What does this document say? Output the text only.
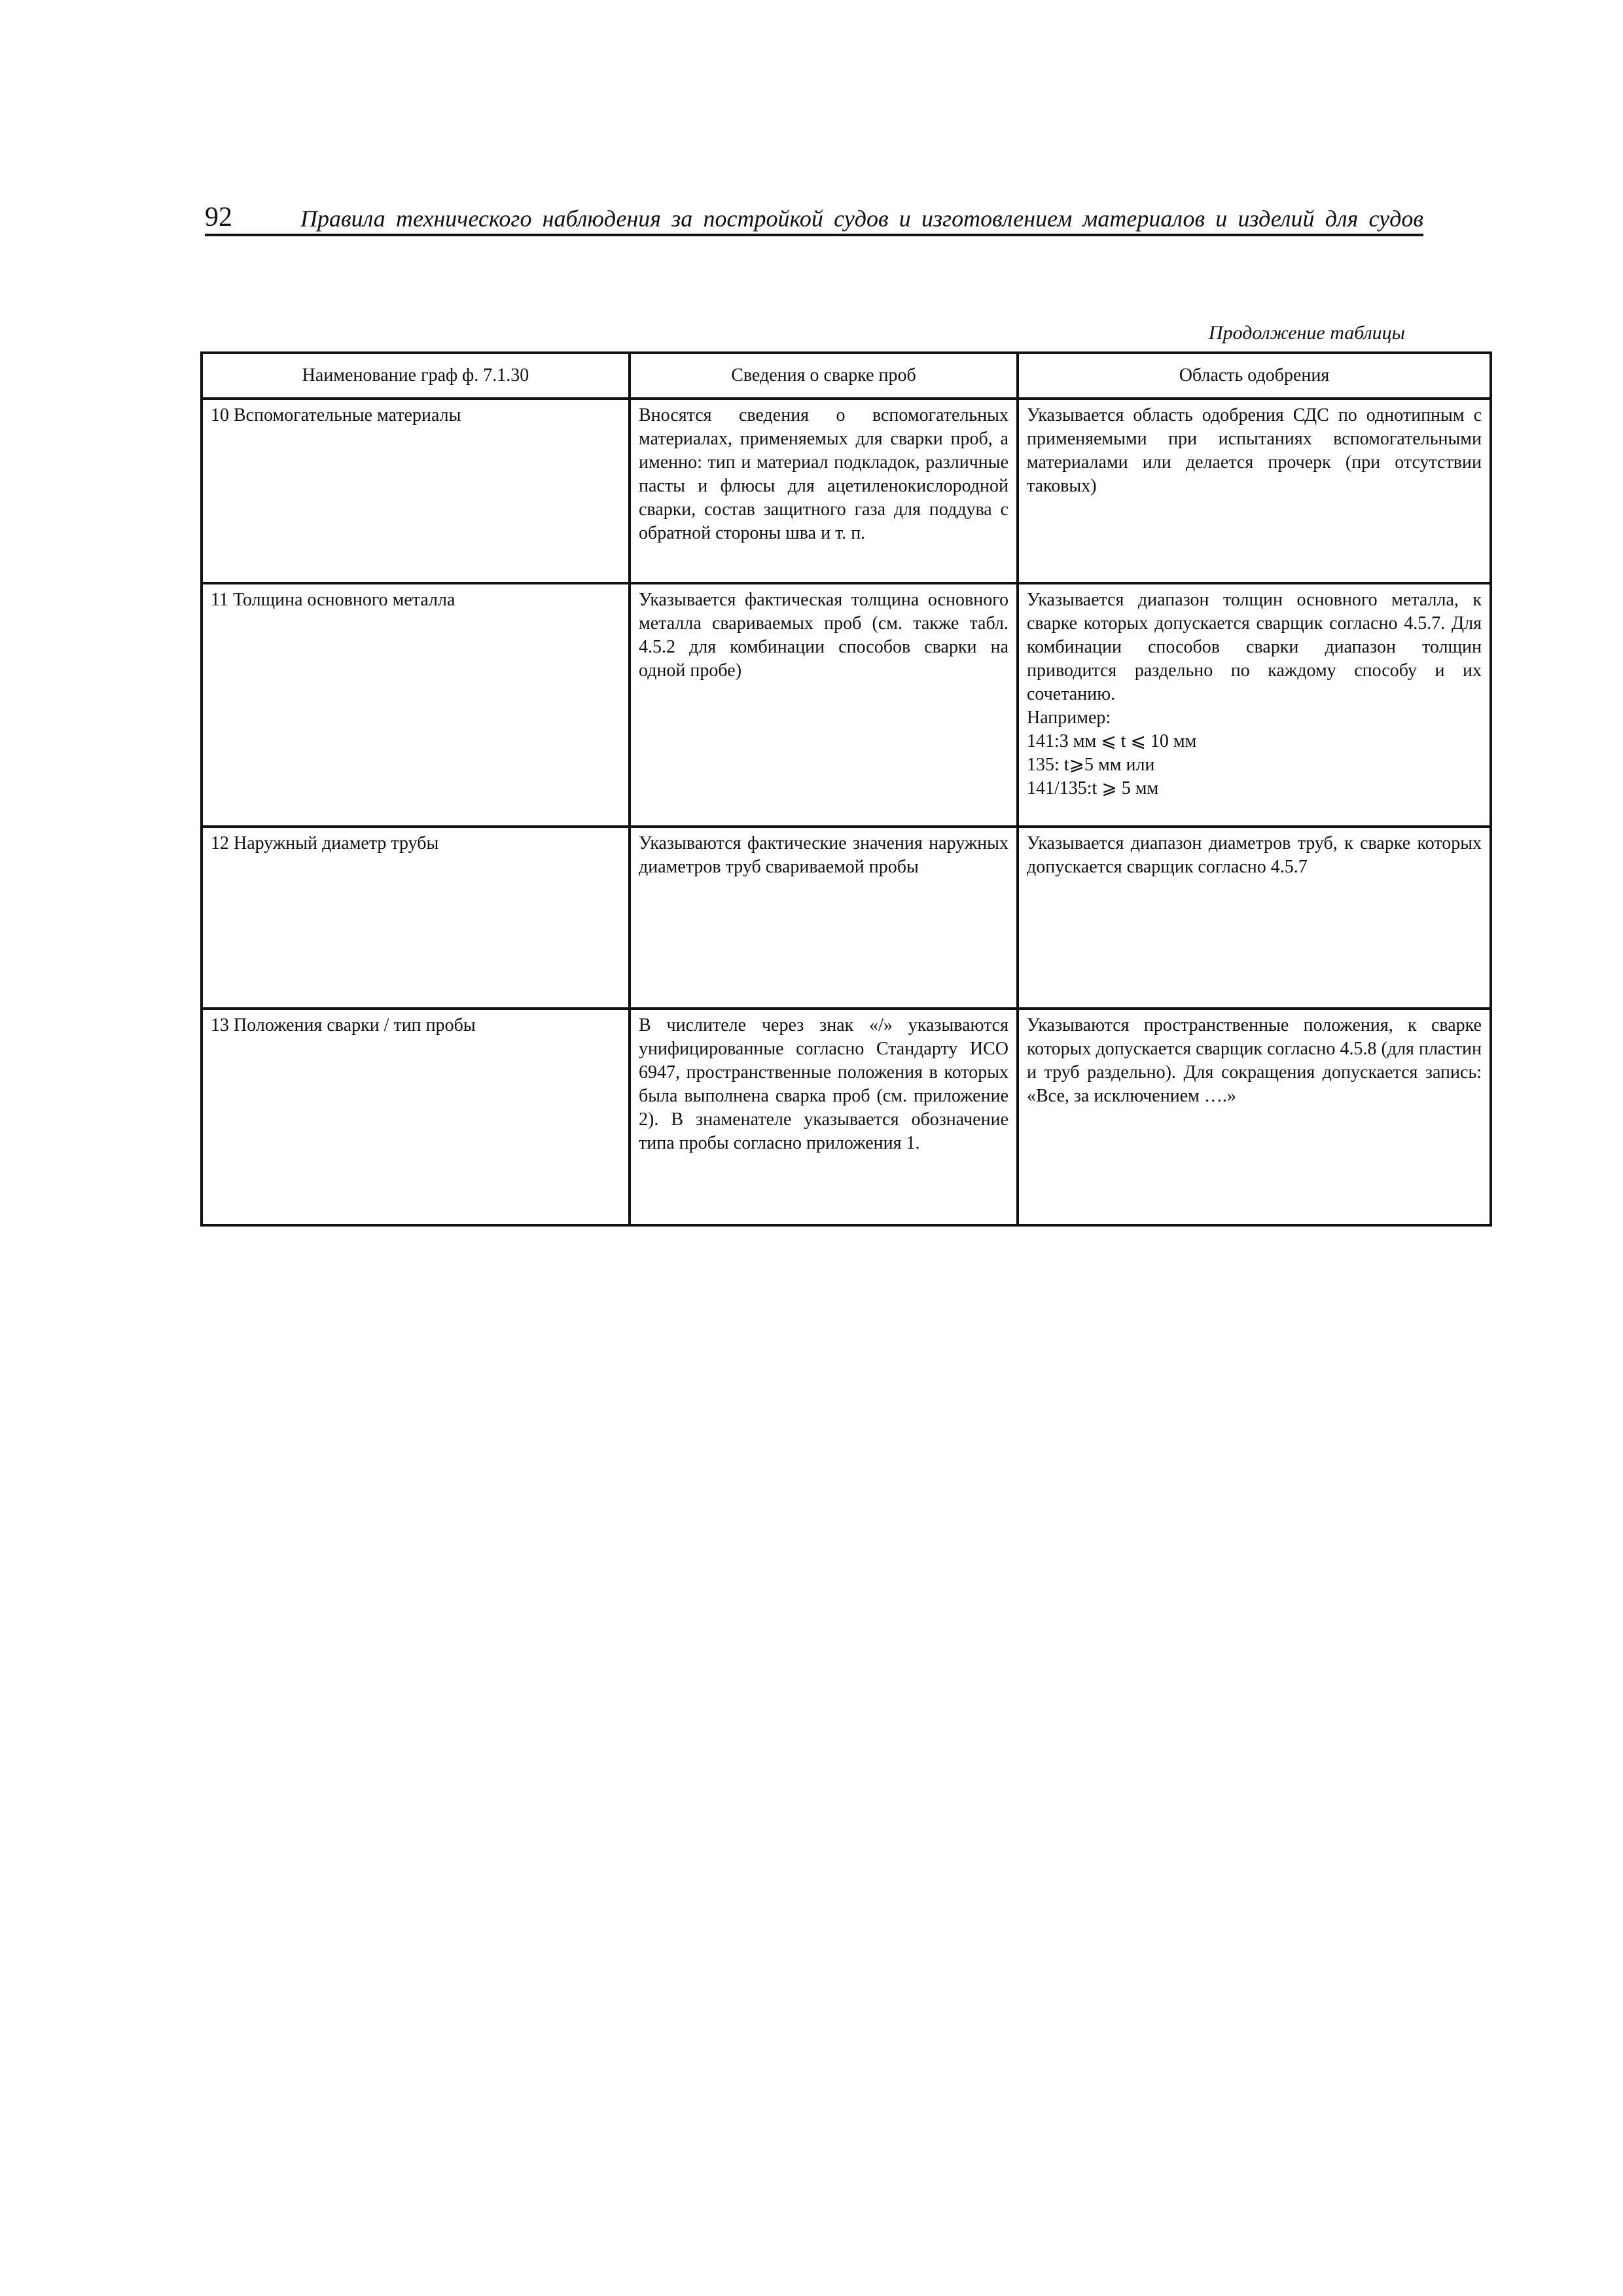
92	Правила технического наблюдения за постройкой судов и изготовлением материалов и изделий для судов
Продолжение таблицы
Наименование граф ф. 7.1.30	Сведения о сварке проб	Область одобрения
10 Вспомогательные материалы	Вносятся сведения о вспомогательных материалах, применяемых для сварки проб, а именно: тип и материал подкладок, различные пасты и флюсы для ацетиленокислородной сварки, состав защитного газа для поддува с обратной стороны шва и т. п.	Указывается область одобрения СДС по однотипным с применяемыми при испытаниях вспомогательными материалами или делается прочерк (при отсутствии таковых)
11 Толщина основного металла	Указывается фактическая толщина основного металла свариваемых проб (см. также табл. 4.5.2 для комбинации способов сварки на одной пробе)	Указывается диапазон толщин основного металла, к сварке которых допускается сварщик согласно 4.5.7. Для комбинации способов сварки диапазон толщин приводится раздельно по каждому способу и их сочетанию.
Например:
141:3 мм ⩽ t ⩽ 10 мм
135: t⩾5 мм или
141/135:t ⩾ 5 мм

12 Наружный диаметр трубы	Указываются фактические значения наружных диаметров труб свариваемой пробы	Указывается диапазон диаметров труб, к сварке которых допускается сварщик согласно 4.5.7
13 Положения сварки / тип пробы	В числителе через знак «/» указываются унифицированные согласно Стандарту ИСО 6947, пространственные положения в которых была выполнена сварка проб (см. приложение 2). В знаменателе указывается обозначение типа пробы согласно приложения 1.	Указываются пространственные положения, к сварке которых допускается сварщик согласно 4.5.8 (для пластин и труб раздельно). Для сокращения допускается запись: «Все, за исключением ….»
